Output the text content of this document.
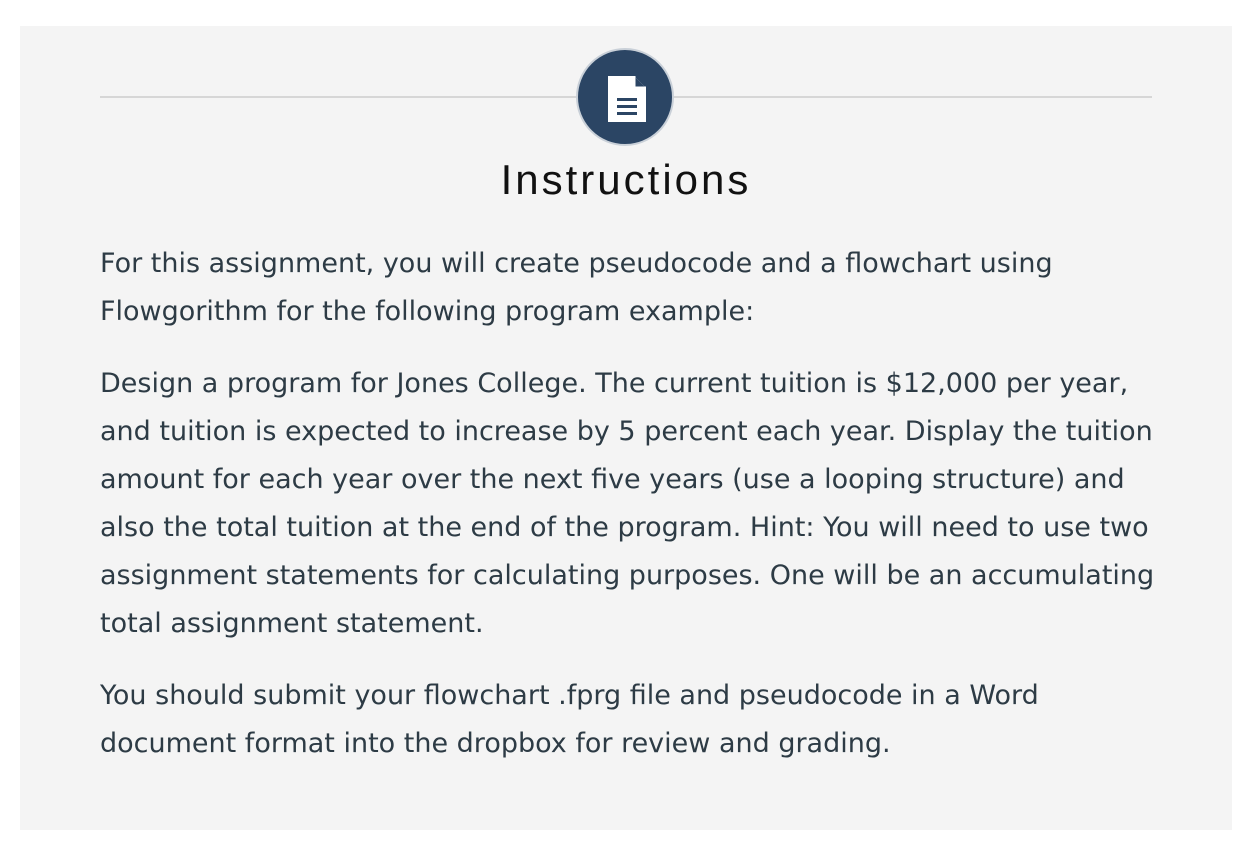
Instructions

For this assignment, you will create pseudocode and a flowchart using Flowgorithm for the following program example:

Design a program for Jones College. The current tuition is $12,000 per year, and tuition is expected to increase by 5 percent each year. Display the tuition amount for each year over the next five years (use a looping structure) and also the total tuition at the end of the program. Hint: You will need to use two assignment statements for calculating purposes. One will be an accumulating total assignment statement.

You should submit your flowchart .fprg file and pseudocode in a Word document format into the dropbox for review and grading.
